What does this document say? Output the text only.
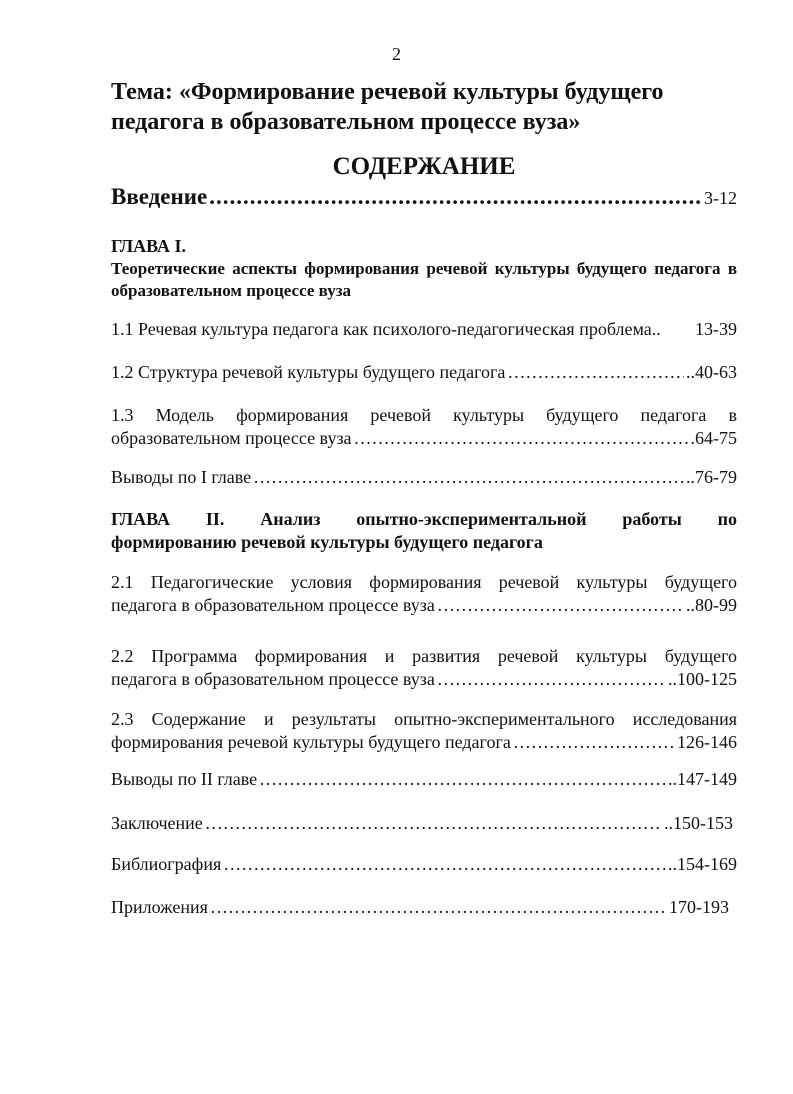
2
Тема: «Формирование речевой культуры будущего педагога в образовательном процессе вуза»
СОДЕРЖАНИЕ
Введение .....	3-12
ГЛАВА I.
Теоретические аспекты формирования речевой культуры будущего педагога в образовательном процессе вуза
1.1 Речевая культура педагога как психолого-педагогическая проблема.. 13-39
1.2 Структура речевой культуры будущего педагога …………………………………………………………………………………………………………………………………………………………………………………………………………	..40-63
1.3 Модель формирования речевой культуры будущего педагога в
образовательном процессе вуза …………………………………………………………………………………………………………………………………………………………………………………………………………	.64-75
Выводы по I главе …………………………………………………………………………………………………………………………………………………………………………………………………………	..76-79
ГЛАВА II. Анализ опытно-экспериментальной работы по
формированию речевой культуры будущего педагога
2.1 Педагогические условия формирования речевой культуры будущего
педагога в образовательном процессе вуза …………………………………………………………………………………………………………………………………………………………………………………………………………	..80-99
2.2 Программа формирования и развития речевой культуры будущего
педагога в образовательном процессе вуза …………………………………………………………………………………………………………………………………………………………………………………………………………	..100-125
2.3 Содержание и результаты опытно-экспериментального исследования
формирования речевой культуры будущего педагога …………………………………………………………………………………………………………………………………………………………………………………………………………	126-146
Выводы по II главе …………………………………………………………………………………………………………………………………………………………………………………………………………	..147-149
Заключение …………………………………………………………………………………………………………………………………………………………………………………………………………	..150-153
Библиография …………………………………………………………………………………………………………………………………………………………………………………………………………	..154-169
Приложения …………………………………………………………………………………………………………………………………………………………………………………………………………	170-193
